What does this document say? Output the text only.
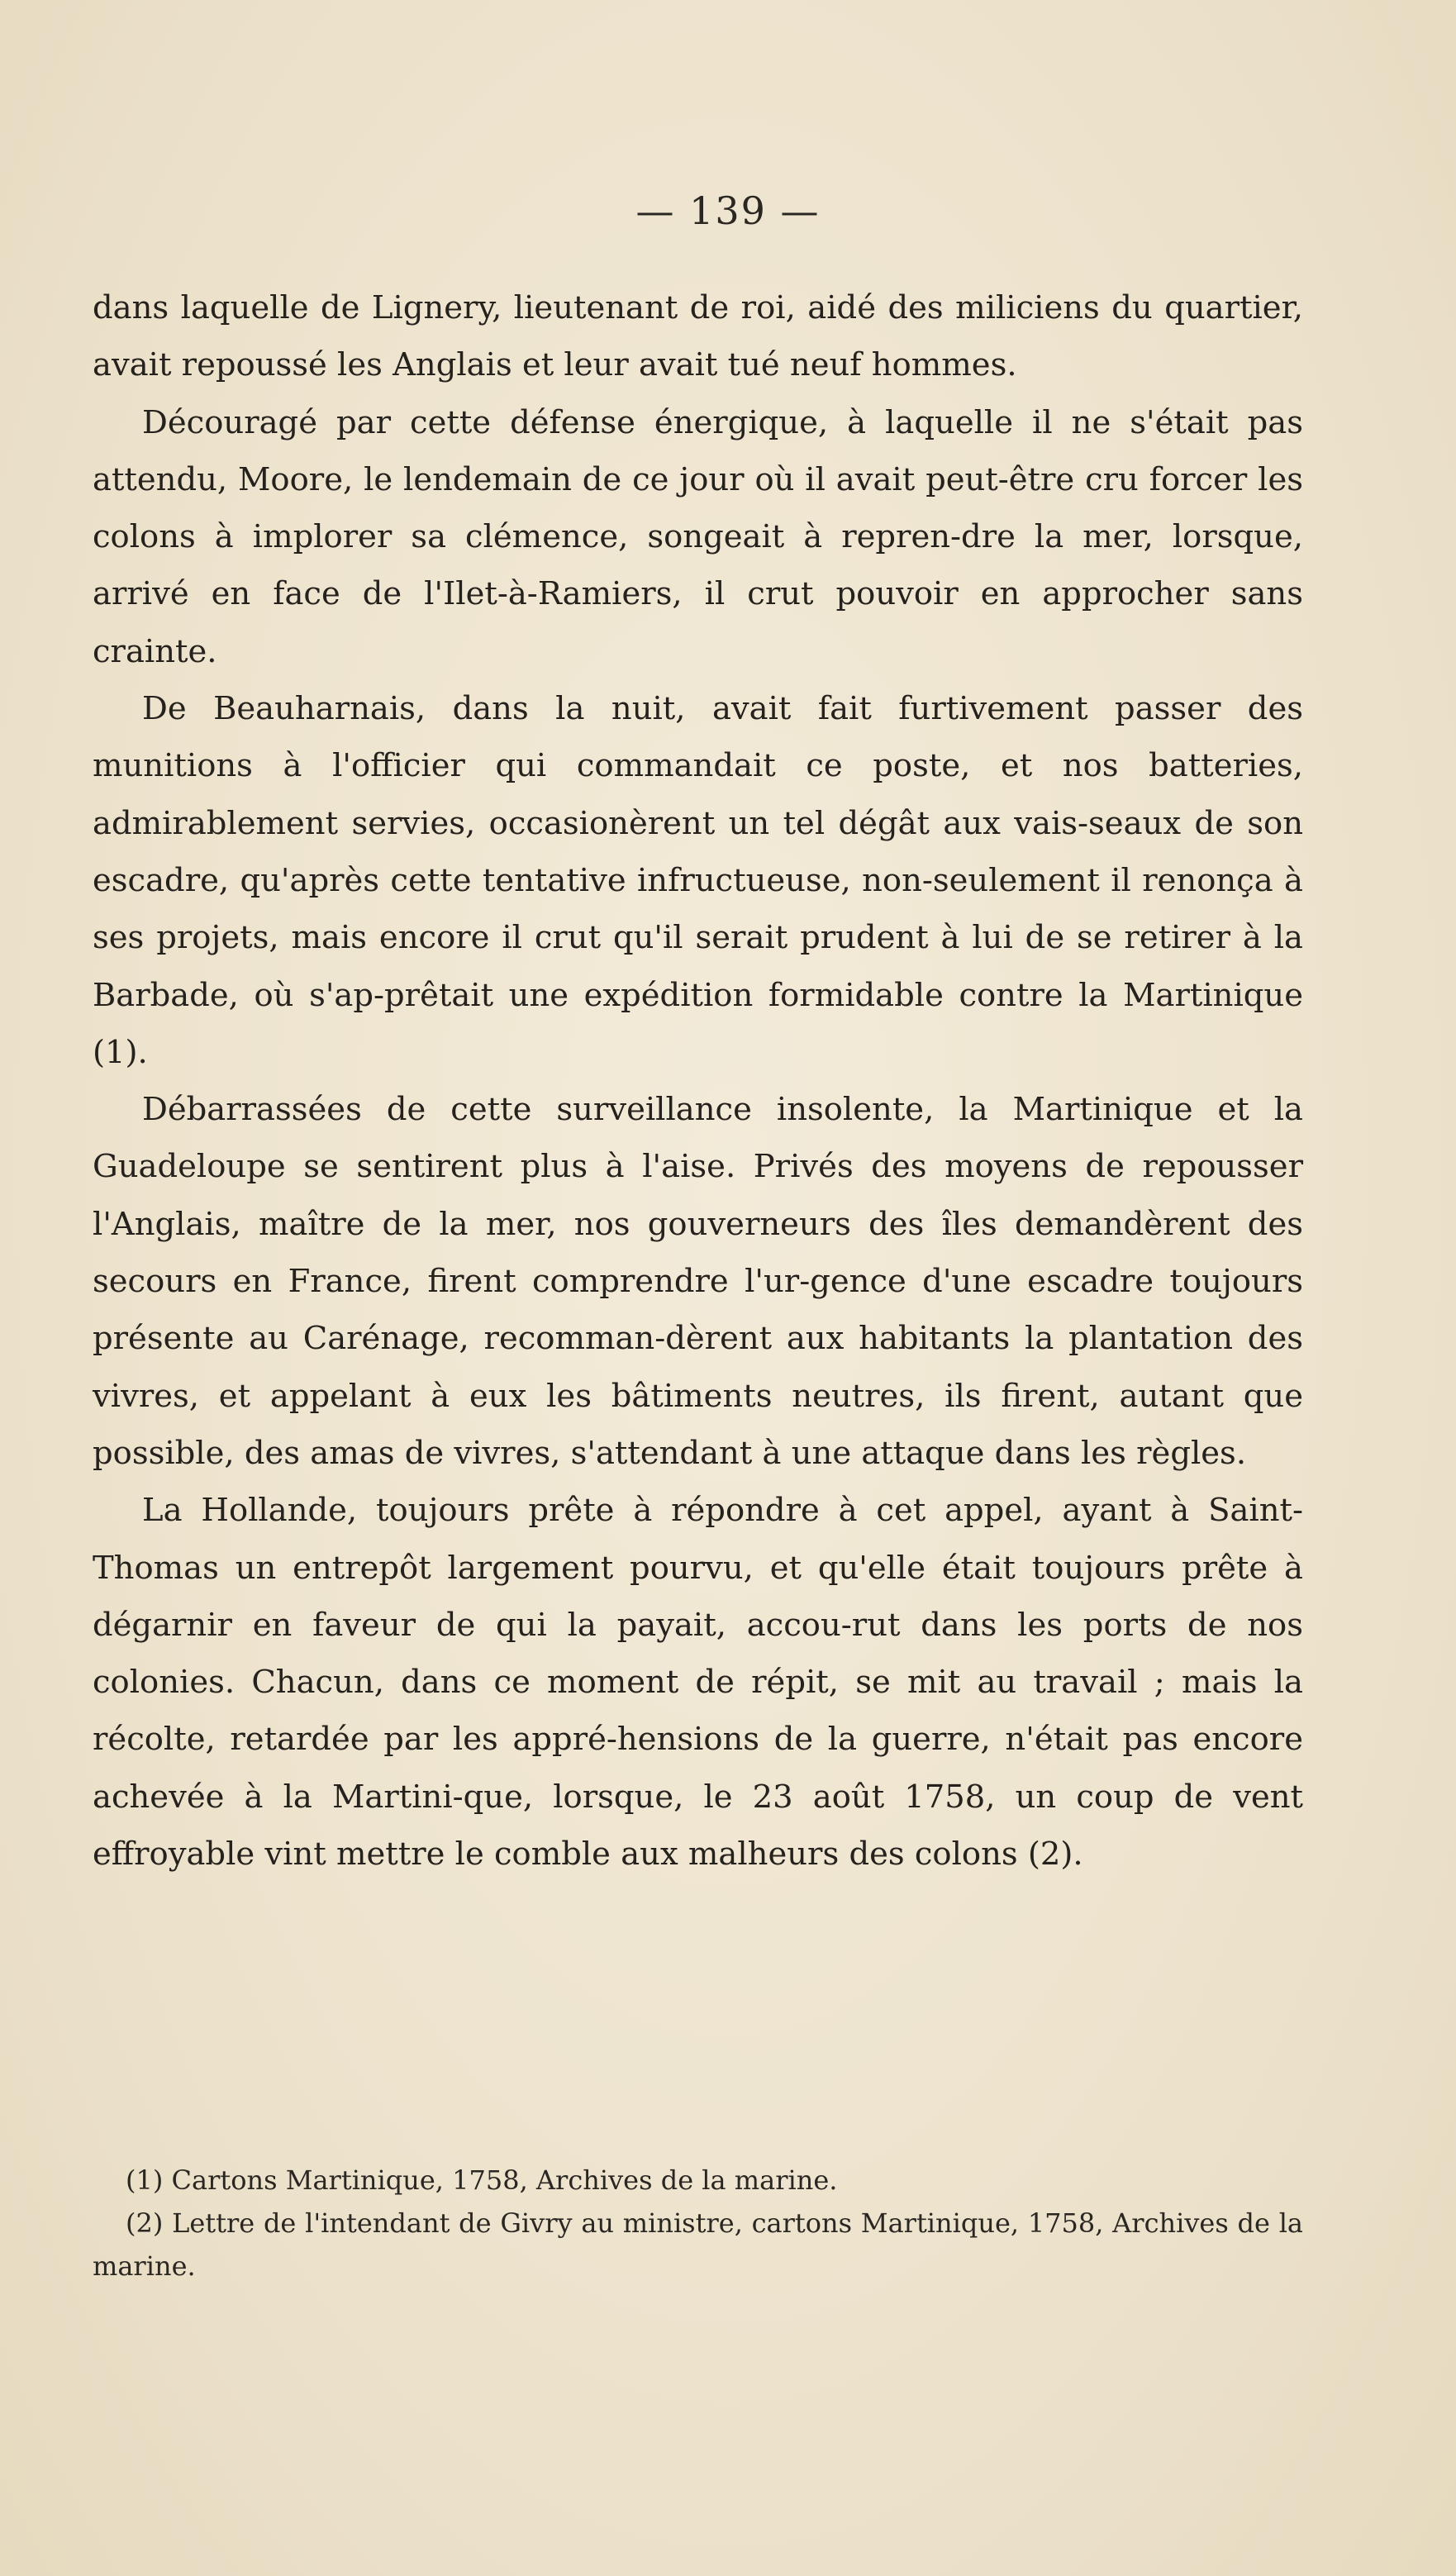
— 139 —

dans laquelle de Lignery, lieutenant de roi, aidé des miliciens du quartier, avait repoussé les Anglais et leur avait tué neuf hommes.

Découragé par cette défense énergique, à laquelle il ne s'était pas attendu, Moore, le lendemain de ce jour où il avait peut-être cru forcer les colons à implorer sa clémence, songeait à repren-dre la mer, lorsque, arrivé en face de l'Ilet-à-Ramiers, il crut pouvoir en approcher sans crainte.

De Beauharnais, dans la nuit, avait fait furtivement passer des munitions à l'officier qui commandait ce poste, et nos batteries, admirablement servies, occasionèrent un tel dégât aux vais-seaux de son escadre, qu'après cette tentative infructueuse, non-seulement il renonça à ses projets, mais encore il crut qu'il serait prudent à lui de se retirer à la Barbade, où s'ap-prêtait une expédition formidable contre la Martinique (1).

Débarrassées de cette surveillance insolente, la Martinique et la Guadeloupe se sentirent plus à l'aise. Privés des moyens de repousser l'Anglais, maître de la mer, nos gouverneurs des îles demandèrent des secours en France, firent comprendre l'ur-gence d'une escadre toujours présente au Carénage, recomman-dèrent aux habitants la plantation des vivres, et appelant à eux les bâtiments neutres, ils firent, autant que possible, des amas de vivres, s'attendant à une attaque dans les règles.

La Hollande, toujours prête à répondre à cet appel, ayant à Saint-Thomas un entrepôt largement pourvu, et qu'elle était toujours prête à dégarnir en faveur de qui la payait, accou-rut dans les ports de nos colonies. Chacun, dans ce moment de répit, se mit au travail ; mais la récolte, retardée par les appré-hensions de la guerre, n'était pas encore achevée à la Martini-que, lorsque, le 23 août 1758, un coup de vent effroyable vint mettre le comble aux malheurs des colons (2).

(1) Cartons Martinique, 1758, Archives de la marine.

(2) Lettre de l'intendant de Givry au ministre, cartons Martinique, 1758, Archives de la marine.
